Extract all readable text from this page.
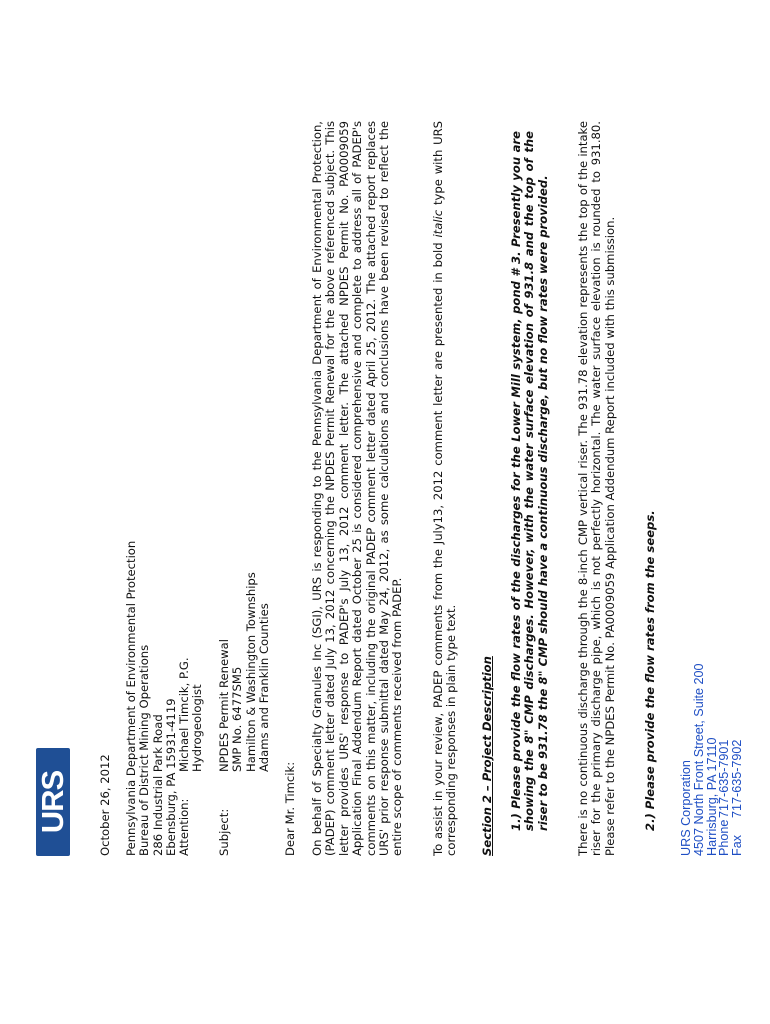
URS October 26, 2012 Pennsylvania Department of Environmental Protection Bureau of District Mining Operations 286 Industrial Park Road Ebensburg, PA 15931-4119
Attention:
Michael Timcik, P.G. Hydrogeologist
Subject:
NPDES Permit Renewal SMP No. 6477SM5 Hamilton & Washington Townships Adams and Franklin Counties
Dear Mr. Timcik: On behalf of Specialty Granules Inc (SGI), URS is responding to the Pennsylvania Department of Environmental Protection, (PADEP) comment letter dated July 13, 2012 concerning the NPDES Permit Renewal for the above referenced subject. This letter provides URS' response to PADEP's July 13, 2012 comment letter. The attached NPDES Permit No. PA0009059 Application Final Addendum Report dated October 25 is considered comprehensive and complete to address all of PADEP's comments on this matter, including the original PADEP comment letter dated April 25, 2012. The attached report replaces URS' prior response submittal dated May 24, 2012, as some calculations and conclusions have been revised to reflect the entire scope of comments received from PADEP. To assist in your review, PADEP comments from the July13, 2012 comment letter are presented in bold italic type with URS corresponding responses in plain type text. Section 2 – Project Description 1.) Please provide the flow rates of the discharges for the Lower Mill system, pond # 3. Presently you are showing the 8" CMP discharges. However, with the water surface elevation of 931.8 and the top of the riser to be 931.78 the 8" CMP should have a continuous discharge, but no flow rates were provided. There is no continuous discharge through the 8-inch CMP vertical riser. The 931.78 elevation represents the top of the intake riser for the primary discharge pipe, which is not perfectly horizontal. The water surface elevation is rounded to 931.80. Please refer to the NPDES Permit No. PA0009059 Application Addendum Report included with this submission. 2.) Please provide the flow rates from the seeps. URS Corporation
4507 North Front Street, Suite 200
Harrisburg, PA 17110
Phone717-635-7901
Fax717-635-7902
